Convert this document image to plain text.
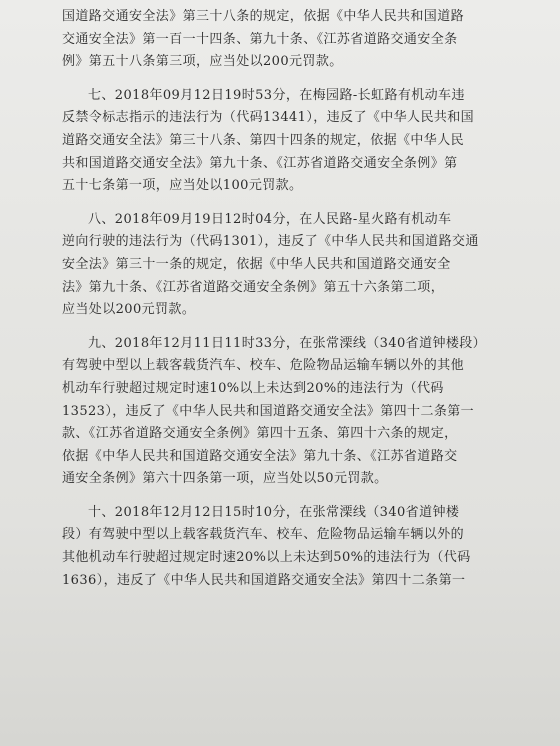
国道路交通安全法》第三十八条的规定，依据《中华人民共和国道路
交通安全法》第一百一十四条、第九十条、《江苏省道路交通安全条
例》第五十八条第三项，应当处以200元罚款。
七、2018年09月12日19时53分，在梅园路-长虹路有机动车违
反禁令标志指示的违法行为（代码13441），违反了《中华人民共和国
道路交通安全法》第三十八条、第四十四条的规定，依据《中华人民
共和国道路交通安全法》第九十条、《江苏省道路交通安全条例》第
五十七条第一项，应当处以100元罚款。
八、2018年09月19日12时04分，在人民路-星火路有机动车
逆向行驶的违法行为（代码1301），违反了《中华人民共和国道路交通
安全法》第三十一条的规定，依据《中华人民共和国道路交通安全
法》第九十条、《江苏省道路交通安全条例》第五十六条第二项，
应当处以200元罚款。
九、2018年12月11日11时33分，在张常溧线（340省道钟楼段）
有驾驶中型以上载客载货汽车、校车、危险物品运输车辆以外的其他
机动车行驶超过规定时速10%以上未达到20%的违法行为（代码
13523），违反了《中华人民共和国道路交通安全法》第四十二条第一
款、《江苏省道路交通安全条例》第四十五条、第四十六条的规定，
依据《中华人民共和国道路交通安全法》第九十条、《江苏省道路交
通安全条例》第六十四条第一项，应当处以50元罚款。
十、2018年12月12日15时10分，在张常溧线（340省道钟楼
段）有驾驶中型以上载客载货汽车、校车、危险物品运输车辆以外的
其他机动车行驶超过规定时速20%以上未达到50%的违法行为（代码
1636），违反了《中华人民共和国道路交通安全法》第四十二条第一
